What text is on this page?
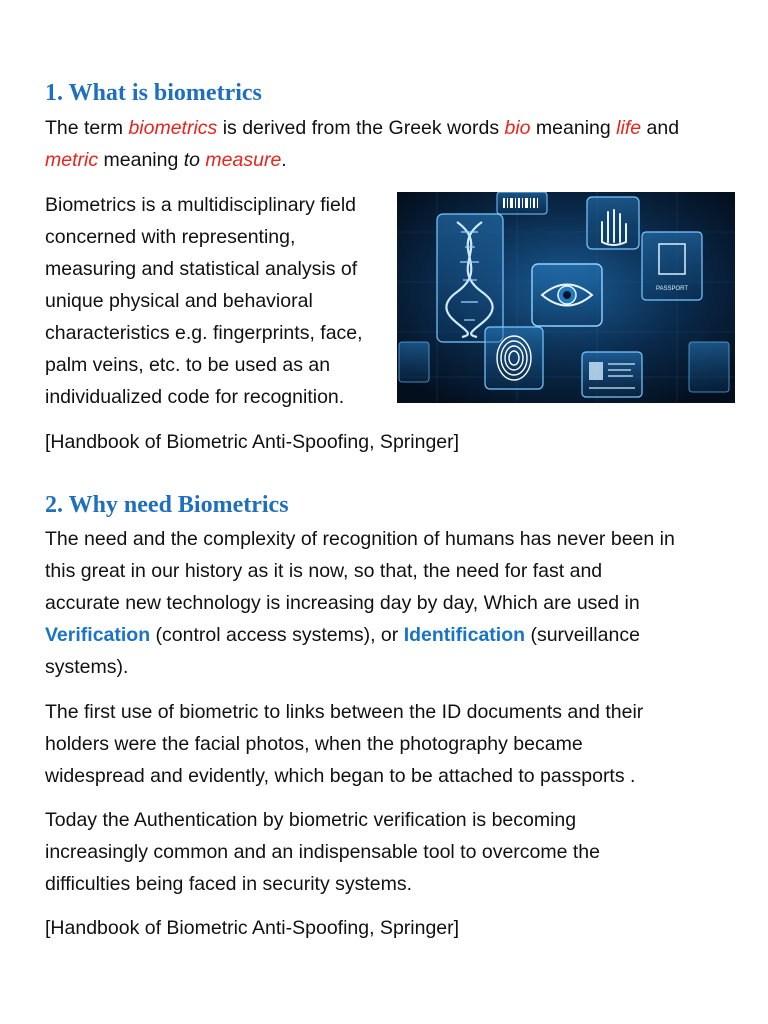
1. What is biometrics

The term biometrics is derived from the Greek words bio meaning life and

metric meaning to measure.

Biometrics is a multidisciplinary field

concerned with representing,

measuring and statistical analysis of

unique physical and behavioral

characteristics e.g. fingerprints, face,

palm veins, etc. to be used as an

individualized code for recognition.

PASSPORT

[Handbook of Biometric Anti-Spoofing, Springer]

2. Why need Biometrics

The need and the complexity of recognition of humans has never been in

this great in our history as it is now, so that, the need for fast and

accurate new technology is increasing day by day, Which are used in

Verification (control access systems), or Identification (surveillance

systems).

The first use of biometric to links between the ID documents and their

holders were the facial photos, when the photography became

widespread and evidently, which began to be attached to passports .

Today the Authentication by biometric verification is becoming

increasingly common and an indispensable tool to overcome the

difficulties being faced in security systems.

[Handbook of Biometric Anti-Spoofing, Springer]
